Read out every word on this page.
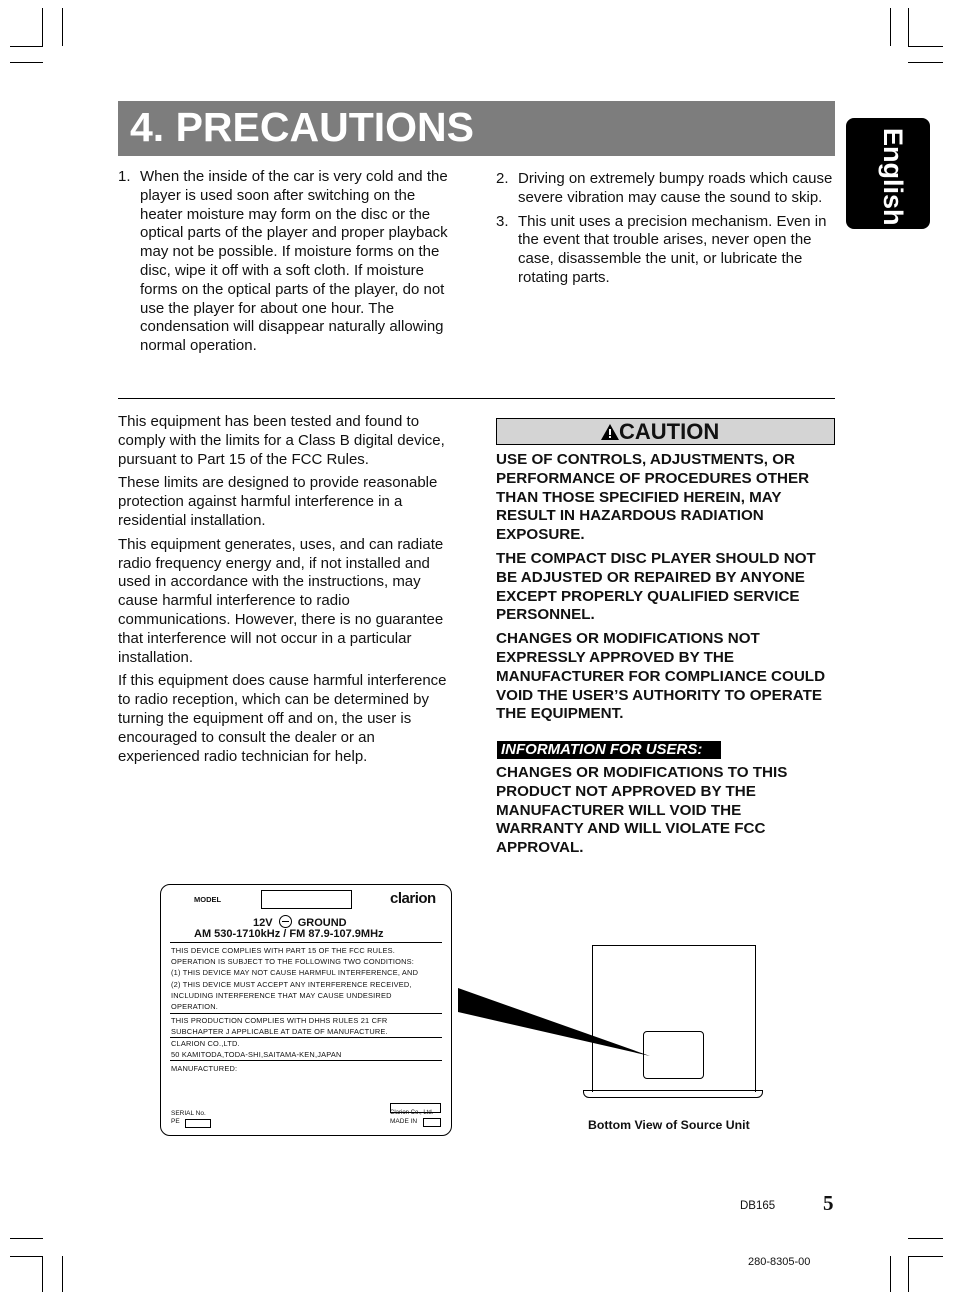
4. PRECAUTIONS
English
1. When the inside of the car is very cold and the player is used soon after switching on the heater moisture may form on the disc or the optical parts of the player and proper playback may not be possible. If moisture forms on the disc, wipe it off with a soft cloth. If moisture forms on the optical parts of the player, do not use the player for about one hour. The condensation will disappear naturally allowing normal operation.
2. Driving on extremely bumpy roads which cause severe vibration may cause the sound to skip.
3. This unit uses a precision mechanism. Even in the event that trouble arises, never open the case, disassemble the unit, or lubricate the rotating parts.

This equipment has been tested and found to comply with the limits for a Class B digital device, pursuant to Part 15 of the FCC Rules.

These limits are designed to provide reasonable protection against harmful interference in a residential installation.

This equipment generates, uses, and can radiate radio frequency energy and, if not installed and used in accordance with the instructions, may cause harmful interference to radio communications. However, there is no guarantee that interference will not occur in a particular installation.

If this equipment does cause harmful interference to radio reception, which can be determined by turning the equipment off and on, the user is encouraged to consult the dealer or an experienced radio technician for help.

CAUTION

USE OF CONTROLS, ADJUSTMENTS, OR PERFORMANCE OF PROCEDURES OTHER THAN THOSE SPECIFIED HEREIN, MAY RESULT IN HAZARDOUS RADIATION EXPOSURE.

THE COMPACT DISC PLAYER SHOULD NOT BE ADJUSTED OR REPAIRED BY ANYONE EXCEPT PROPERLY QUALIFIED SERVICE PERSONNEL.

CHANGES OR MODIFICATIONS NOT EXPRESSLY APPROVED BY THE MANUFACTURER FOR COMPLIANCE COULD VOID THE USER’S AUTHORITY TO OPERATE THE EQUIPMENT.

INFORMATION FOR USERS:

CHANGES OR MODIFICATIONS TO THIS PRODUCT NOT APPROVED BY THE MANUFACTURER WILL VOID THE WARRANTY AND WILL VIOLATE FCC APPROVAL.

MODEL	clarion
12V GROUND
AM 530-1710kHz / FM 87.9-107.9MHz
THIS DEVICE COMPLIES WITH PART 15 OF THE FCC RULES.
OPERATION IS SUBJECT TO THE FOLLOWING TWO CONDITIONS:
(1) THIS DEVICE MAY NOT CAUSE HARMFUL INTERFERENCE, AND
(2) THIS DEVICE MUST ACCEPT ANY INTERFERENCE RECEIVED,
INCLUDING INTERFERENCE THAT MAY CAUSE UNDESIRED
OPERATION.
THIS PRODUCTION COMPLIES WITH DHHS RULES 21 CFR
SUBCHAPTER J APPLICABLE AT DATE OF MANUFACTURE.
CLARION CO.,LTD.
50 KAMITODA,TODA-SHI,SAITAMA-KEN,JAPAN
MANUFACTURED:
SERIAL No.
PE
Clarion Co., Ltd.
MADE IN	Bottom View of Source Unit
DB165 5
280-8305-00
